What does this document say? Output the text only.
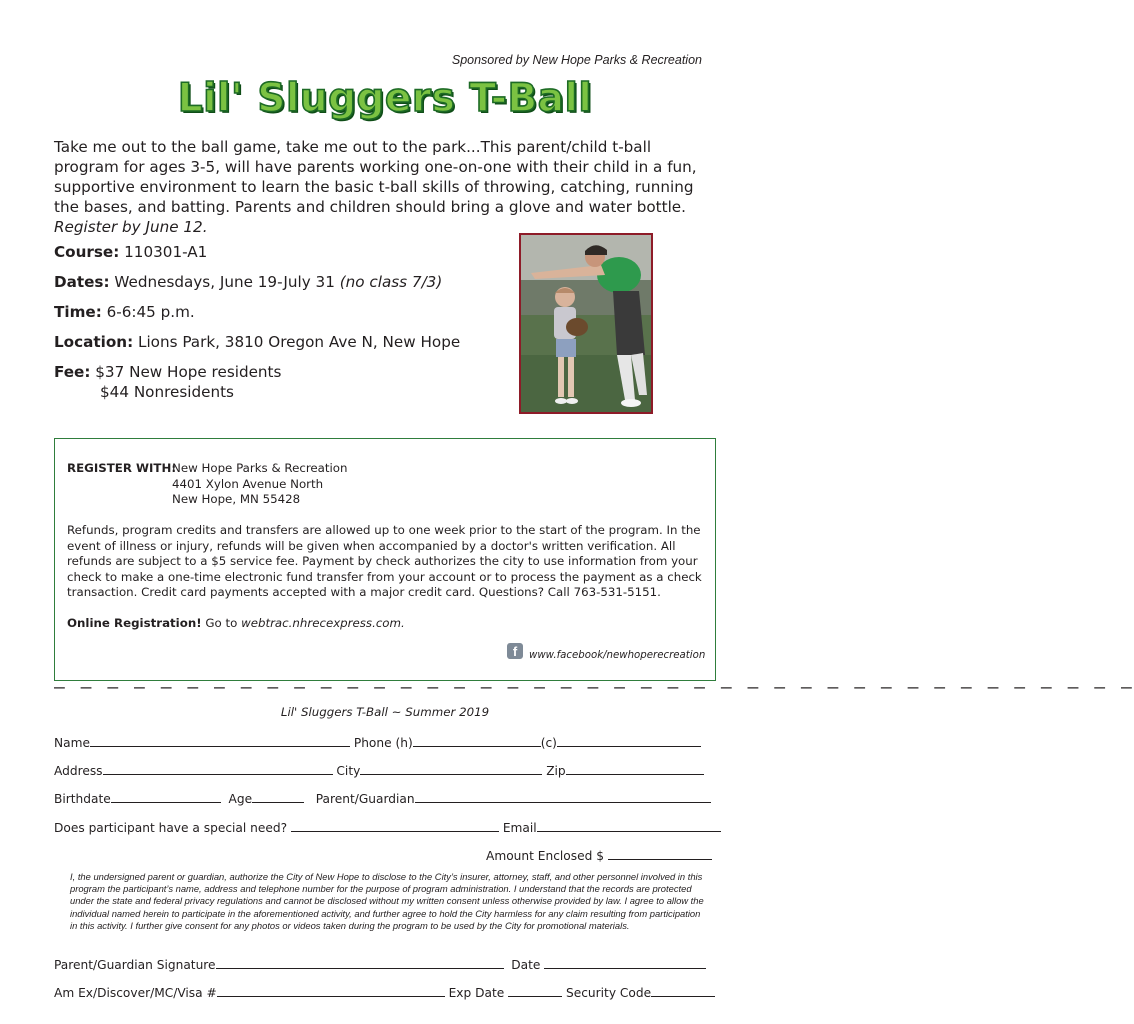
Sponsored by New Hope Parks & Recreation
Lil' Sluggers T-Ball
Take me out to the ball game, take me out to the park...This parent/child t-ball program for ages 3-5, will have parents working one-on-one with their child in a fun, supportive environment to learn the basic t-ball skills of throwing, catching, running the bases, and batting. Parents and children should bring a glove and water bottle. Register by June 12.
Course: 110301-A1
Dates: Wednesdays, June 19-July 31 (no class 7/3)
Time: 6-6:45 p.m.
Location: Lions Park, 3810 Oregon Ave N, New Hope
Fee: $37 New Hope residents
$44 Nonresidents
REGISTER WITH:
New Hope Parks & Recreation
4401 Xylon Avenue North
New Hope, MN 55428
Refunds, program credits and transfers are allowed up to one week prior to the start of the program. In the event of illness or injury, refunds will be given when accompanied by a doctor's written verification. All refunds are subject to a $5 service fee. Payment by check authorizes the city to use information from your check to make a one-time electronic fund transfer from your account or to process the payment as a check transaction. Credit card payments accepted with a major credit card. Questions? Call 763-531-5151.
Online Registration! Go to webtrac.nhrecexpress.com.
f	www.facebook/newhoperecreation
— — — — — — — — — — — — — — — — — — — — — — — — — — — — — — — — — — — — — — — — —
Lil' Sluggers T-Ball ~ Summer 2019
Name	Phone (h)	(c)
Address	City	Zip
Birthdate	Age	Parent/Guardian
Does participant have a special need?	Email
Amount Enclosed $
I, the undersigned parent or guardian, authorize the City of New Hope to disclose to the City’s insurer, attorney, staff, and other personnel involved in this program the participant’s name, address and telephone number for the purpose of program administration. I understand that the records are protected under the state and federal privacy regulations and cannot be disclosed without my written consent unless otherwise provided by law. I agree to allow the individual named herein to participate in the aforementioned activity, and further agree to hold the City harmless for any claim resulting from participation in this activity. I further give consent for any photos or videos taken during the program to be used by the City for promotional materials.
Parent/Guardian Signature	Date
Am Ex/Discover/MC/Visa #	Exp Date	Security Code
